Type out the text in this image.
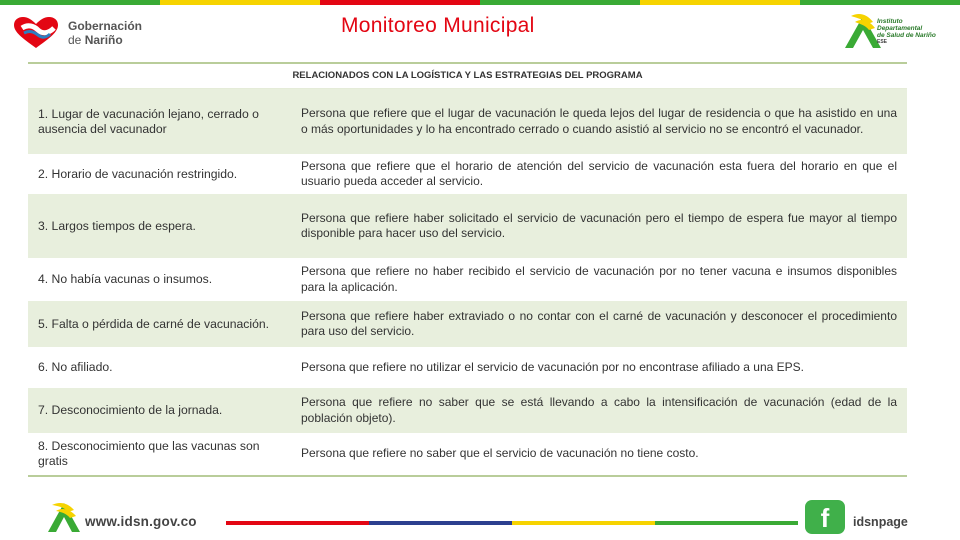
Gobernación
de Nariño
Monitoreo Municipal	Instituto
Departamental
de Salud de Nariño
ESE
RELACIONADOS CON LA LOGÍSTICA Y LAS ESTRATEGIAS DEL PROGRAMA
1. Lugar de vacunación lejano, cerrado o ausencia del vacunador
Persona que refiere que el lugar de vacunación le queda lejos del lugar de residencia o que ha asistido en una o más oportunidades y lo ha encontrado cerrado o cuando asistió al servicio no se encontró el vacunador.
2. Horario de vacunación restringido.
Persona que refiere que el horario de atención del servicio de vacunación esta fuera del horario en que el usuario pueda acceder al servicio.
3. Largos tiempos de espera.
Persona que refiere haber solicitado el servicio de vacunación pero el tiempo de espera fue mayor al tiempo disponible para hacer uso del servicio.
4. No había vacunas o insumos.
Persona que refiere no haber recibido el servicio de vacunación por no tener vacuna e insumos disponibles para la aplicación.
5. Falta o pérdida de carné de vacunación.
Persona que refiere haber extraviado o no contar con el carné de vacunación y desconocer el procedimiento para uso del servicio.
6. No afiliado.	Persona que refiere no utilizar el servicio de vacunación por no encontrase afiliado a una EPS.
7. Desconocimiento de la jornada.
Persona que refiere no saber que se está llevando a cabo la intensificación de vacunación (edad de la población objeto).
8. Desconocimiento que las vacunas son gratis
Persona que refiere no saber que el servicio de vacunación no tiene costo.
www.idsn.gov.co	f	idsnpage
